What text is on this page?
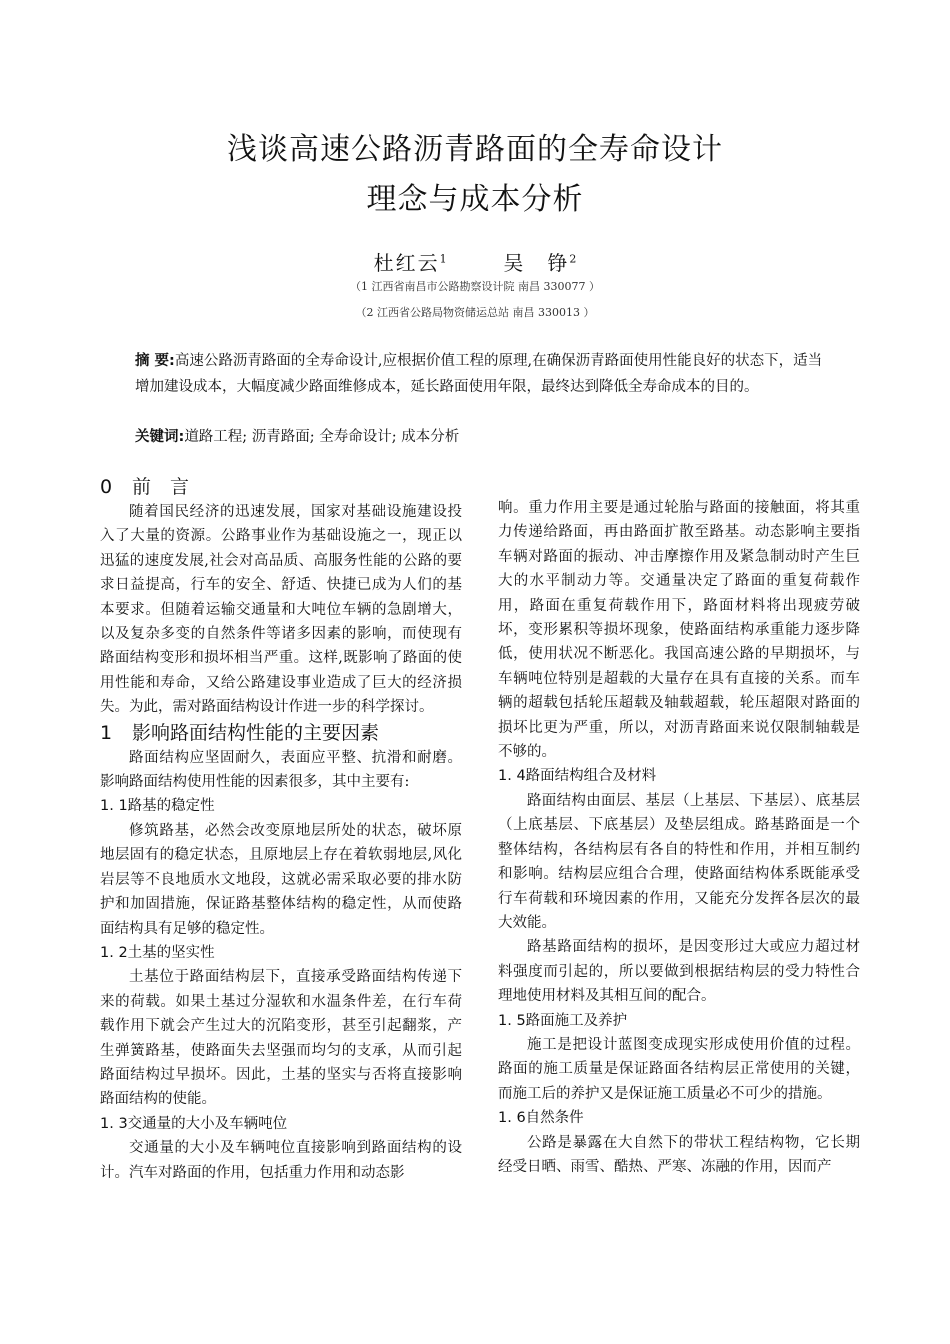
浅谈高速公路沥青路面的全寿命设计
理念与成本分析
杜红云$^1$	吴　铮$^2$
（1 江西省南昌市公路勘察设计院 南昌 330077 ）
（2 江西省公路局物资储运总站 南昌 330013 ）
摘 要:高速公路沥青路面的全寿命设计,应根据价值工程的原理,在确保沥青路面使用性能良好的状态下，适当增加建设成本，大幅度减少路面维修成本，延长路面使用年限，最终达到降低全寿命成本的目的。
关键词:道路工程; 沥青路面; 全寿命设计; 成本分析
0 前　言

随着国民经济的迅速发展，国家对基础设施建设投入了大量的资源。公路事业作为基础设施之一，现正以迅猛的速度发展,社会对高品质、高服务性能的公路的要求日益提高，行车的安全、舒适、快捷已成为人们的基本要求。但随着运输交通量和大吨位车辆的急剧增大，以及复杂多变的自然条件等诸多因素的影响，而使现有路面结构变形和损坏相当严重。这样,既影响了路面的使用性能和寿命，又给公路建设事业造成了巨大的经济损失。为此，需对路面结构设计作进一步的科学探讨。

1 影响路面结构性能的主要因素

路面结构应坚固耐久，表面应平整、抗滑和耐磨。影响路面结构使用性能的因素很多，其中主要有:

1. 1路基的稳定性

修筑路基，必然会改变原地层所处的状态，破坏原地层固有的稳定状态，且原地层上存在着软弱地层,风化岩层等不良地质水文地段，这就必需采取必要的排水防护和加固措施，保证路基整体结构的稳定性，从而使路面结构具有足够的稳定性。

1. 2土基的坚实性

土基位于路面结构层下，直接承受路面结构传递下来的荷载。如果土基过分湿软和水温条件差，在行车荷载作用下就会产生过大的沉陷变形，甚至引起翻浆，产生弹簧路基，使路面失去坚强而均匀的支承，从而引起路面结构过早损坏。因此，土基的坚实与否将直接影响路面结构的使能。

1. 3交通量的大小及车辆吨位

交通量的大小及车辆吨位直接影响到路面结构的设计。汽车对路面的作用，包括重力作用和动态影

响。重力作用主要是通过轮胎与路面的接触面，将其重力传递给路面，再由路面扩散至路基。动态影响主要指车辆对路面的振动、冲击摩擦作用及紧急制动时产生巨大的水平制动力等。交通量决定了路面的重复荷载作用，路面在重复荷载作用下，路面材料将出现疲劳破坏，变形累积等损坏现象，使路面结构承重能力逐步降低，使用状况不断恶化。我国高速公路的早期损坏，与车辆吨位特别是超载的大量存在具有直接的关系。而车辆的超载包括轮压超载及轴载超载，轮压超限对路面的损坏比更为严重，所以，对沥青路面来说仅限制轴载是不够的。

1. 4路面结构组合及材料

路面结构由面层、基层（上基层、下基层）、底基层（上底基层、下底基层）及垫层组成。路基路面是一个整体结构，各结构层有各自的特性和作用，并相互制约和影响。结构层应组合合理，使路面结构体系既能承受行车荷载和环境因素的作用，又能充分发挥各层次的最大效能。

路基路面结构的损坏，是因变形过大或应力超过材料强度而引起的，所以要做到根据结构层的受力特性合理地使用材料及其相互间的配合。

1. 5路面施工及养护

施工是把设计蓝图变成现实形成使用价值的过程。路面的施工质量是保证路面各结构层正常使用的关键，而施工后的养护又是保证施工质量必不可少的措施。

1. 6自然条件

公路是暴露在大自然下的带状工程结构物，它长期经受日晒、雨雪、酷热、严寒、冻融的作用，因而产
